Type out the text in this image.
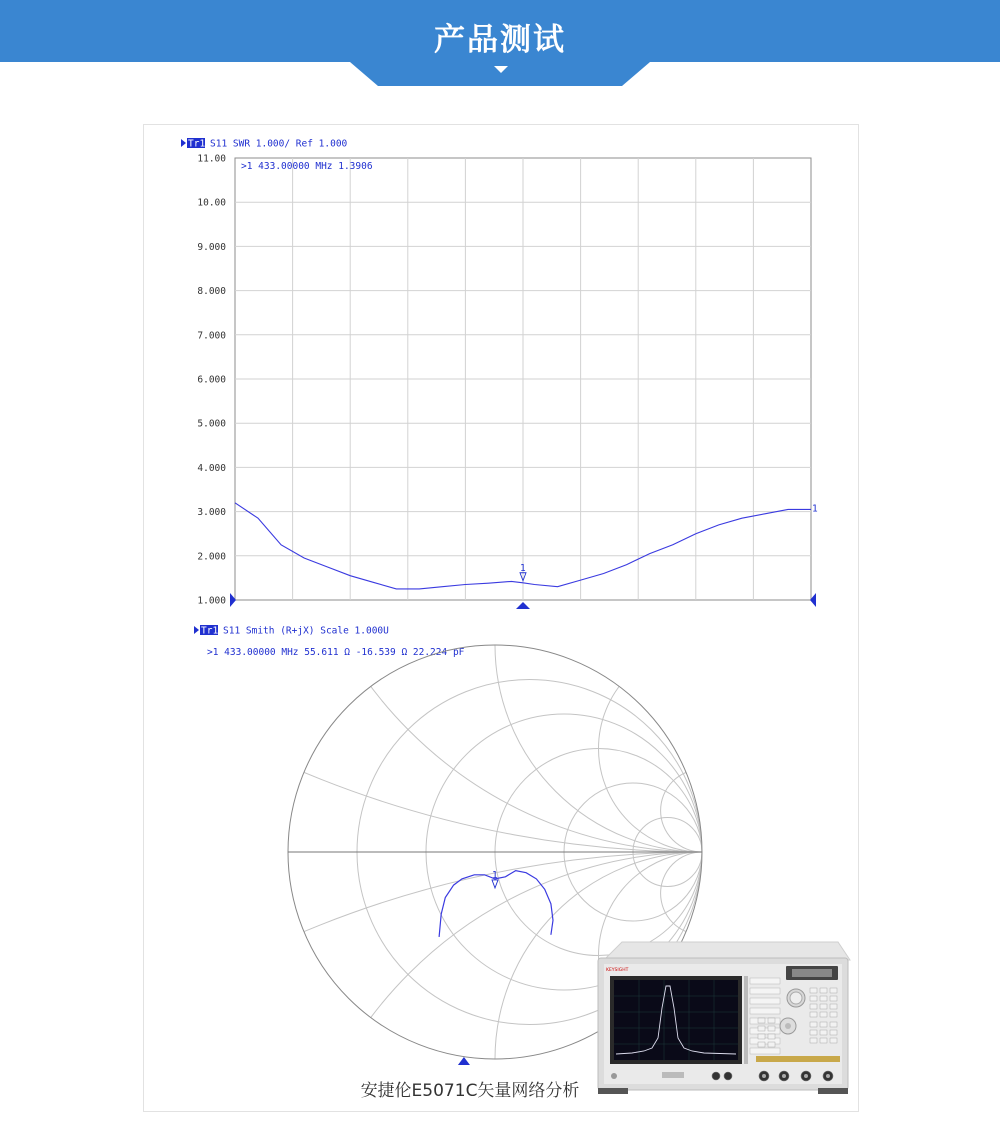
产品测试
11.00
10.00
9.000
8.000
7.000
6.000
5.000
4.000
3.000
2.000
1.000
Tr1 S11 SWR 1.000/ Ref 1.000
>1 433.00000 MHz 1.3906
1
1
Tr1 S11 Smith (R+jX) Scale 1.000U
>1 433.00000 MHz 55.611 Ω -16.539 Ω 22.224 pF
1
KEYSIGHT
安捷伦E5071C矢量网络分析
